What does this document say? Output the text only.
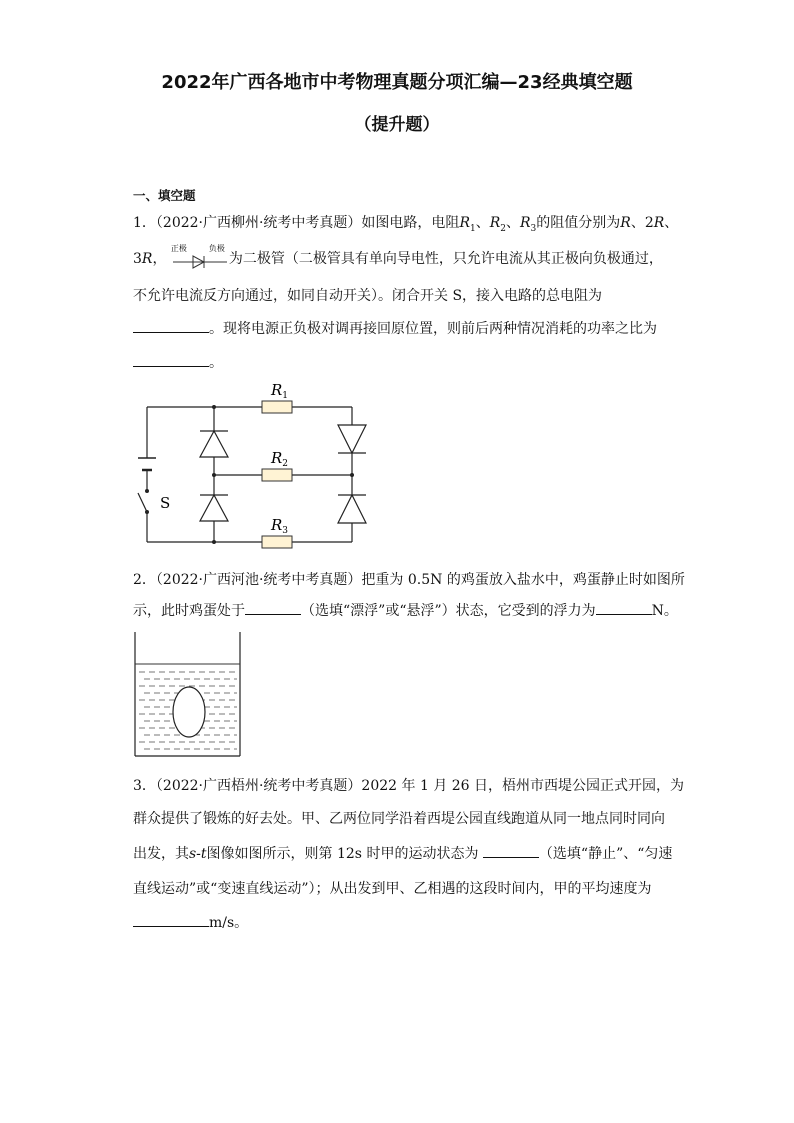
2022年广西各地市中考物理真题分项汇编—23经典填空题
（提升题）
一、填空题
1．（2022·广西柳州·统考中考真题）如图电路，电阻$R_1$、$R_2$、$R_3$的阻值分别为R、2R、
3R，
正极	负极
为二极管（二极管具有单向导电性，只允许电流从其正极向负极通过，
不允许电流反方向通过，如同自动开关）。闭合开关 S，接入电路的总电阻为
。现将电源正负极对调再接回原位置，则前后两种情况消耗的功率之比为
。
$R_1$
$R_2$
$R_3$
S
2．（2022·广西河池·统考中考真题）把重为 0.5N 的鸡蛋放入盐水中，鸡蛋静止时如图所
示，此时鸡蛋处于	（选填“漂浮”或“悬浮”）状态，它受到的浮力为	N。
3．（2022·广西梧州·统考中考真题）2022 年 1 月 26 日，梧州市西堤公园正式开园，为
群众提供了锻炼的好去处。甲、乙两位同学沿着西堤公园直线跑道从同一地点同时同向
出发，其s-t图像如图所示，则第 12s 时甲的运动状态为	（选填“静止”、“匀速
直线运动”或“变速直线运动”）；从出发到甲、乙相遇的这段时间内，甲的平均速度为
m/s。
